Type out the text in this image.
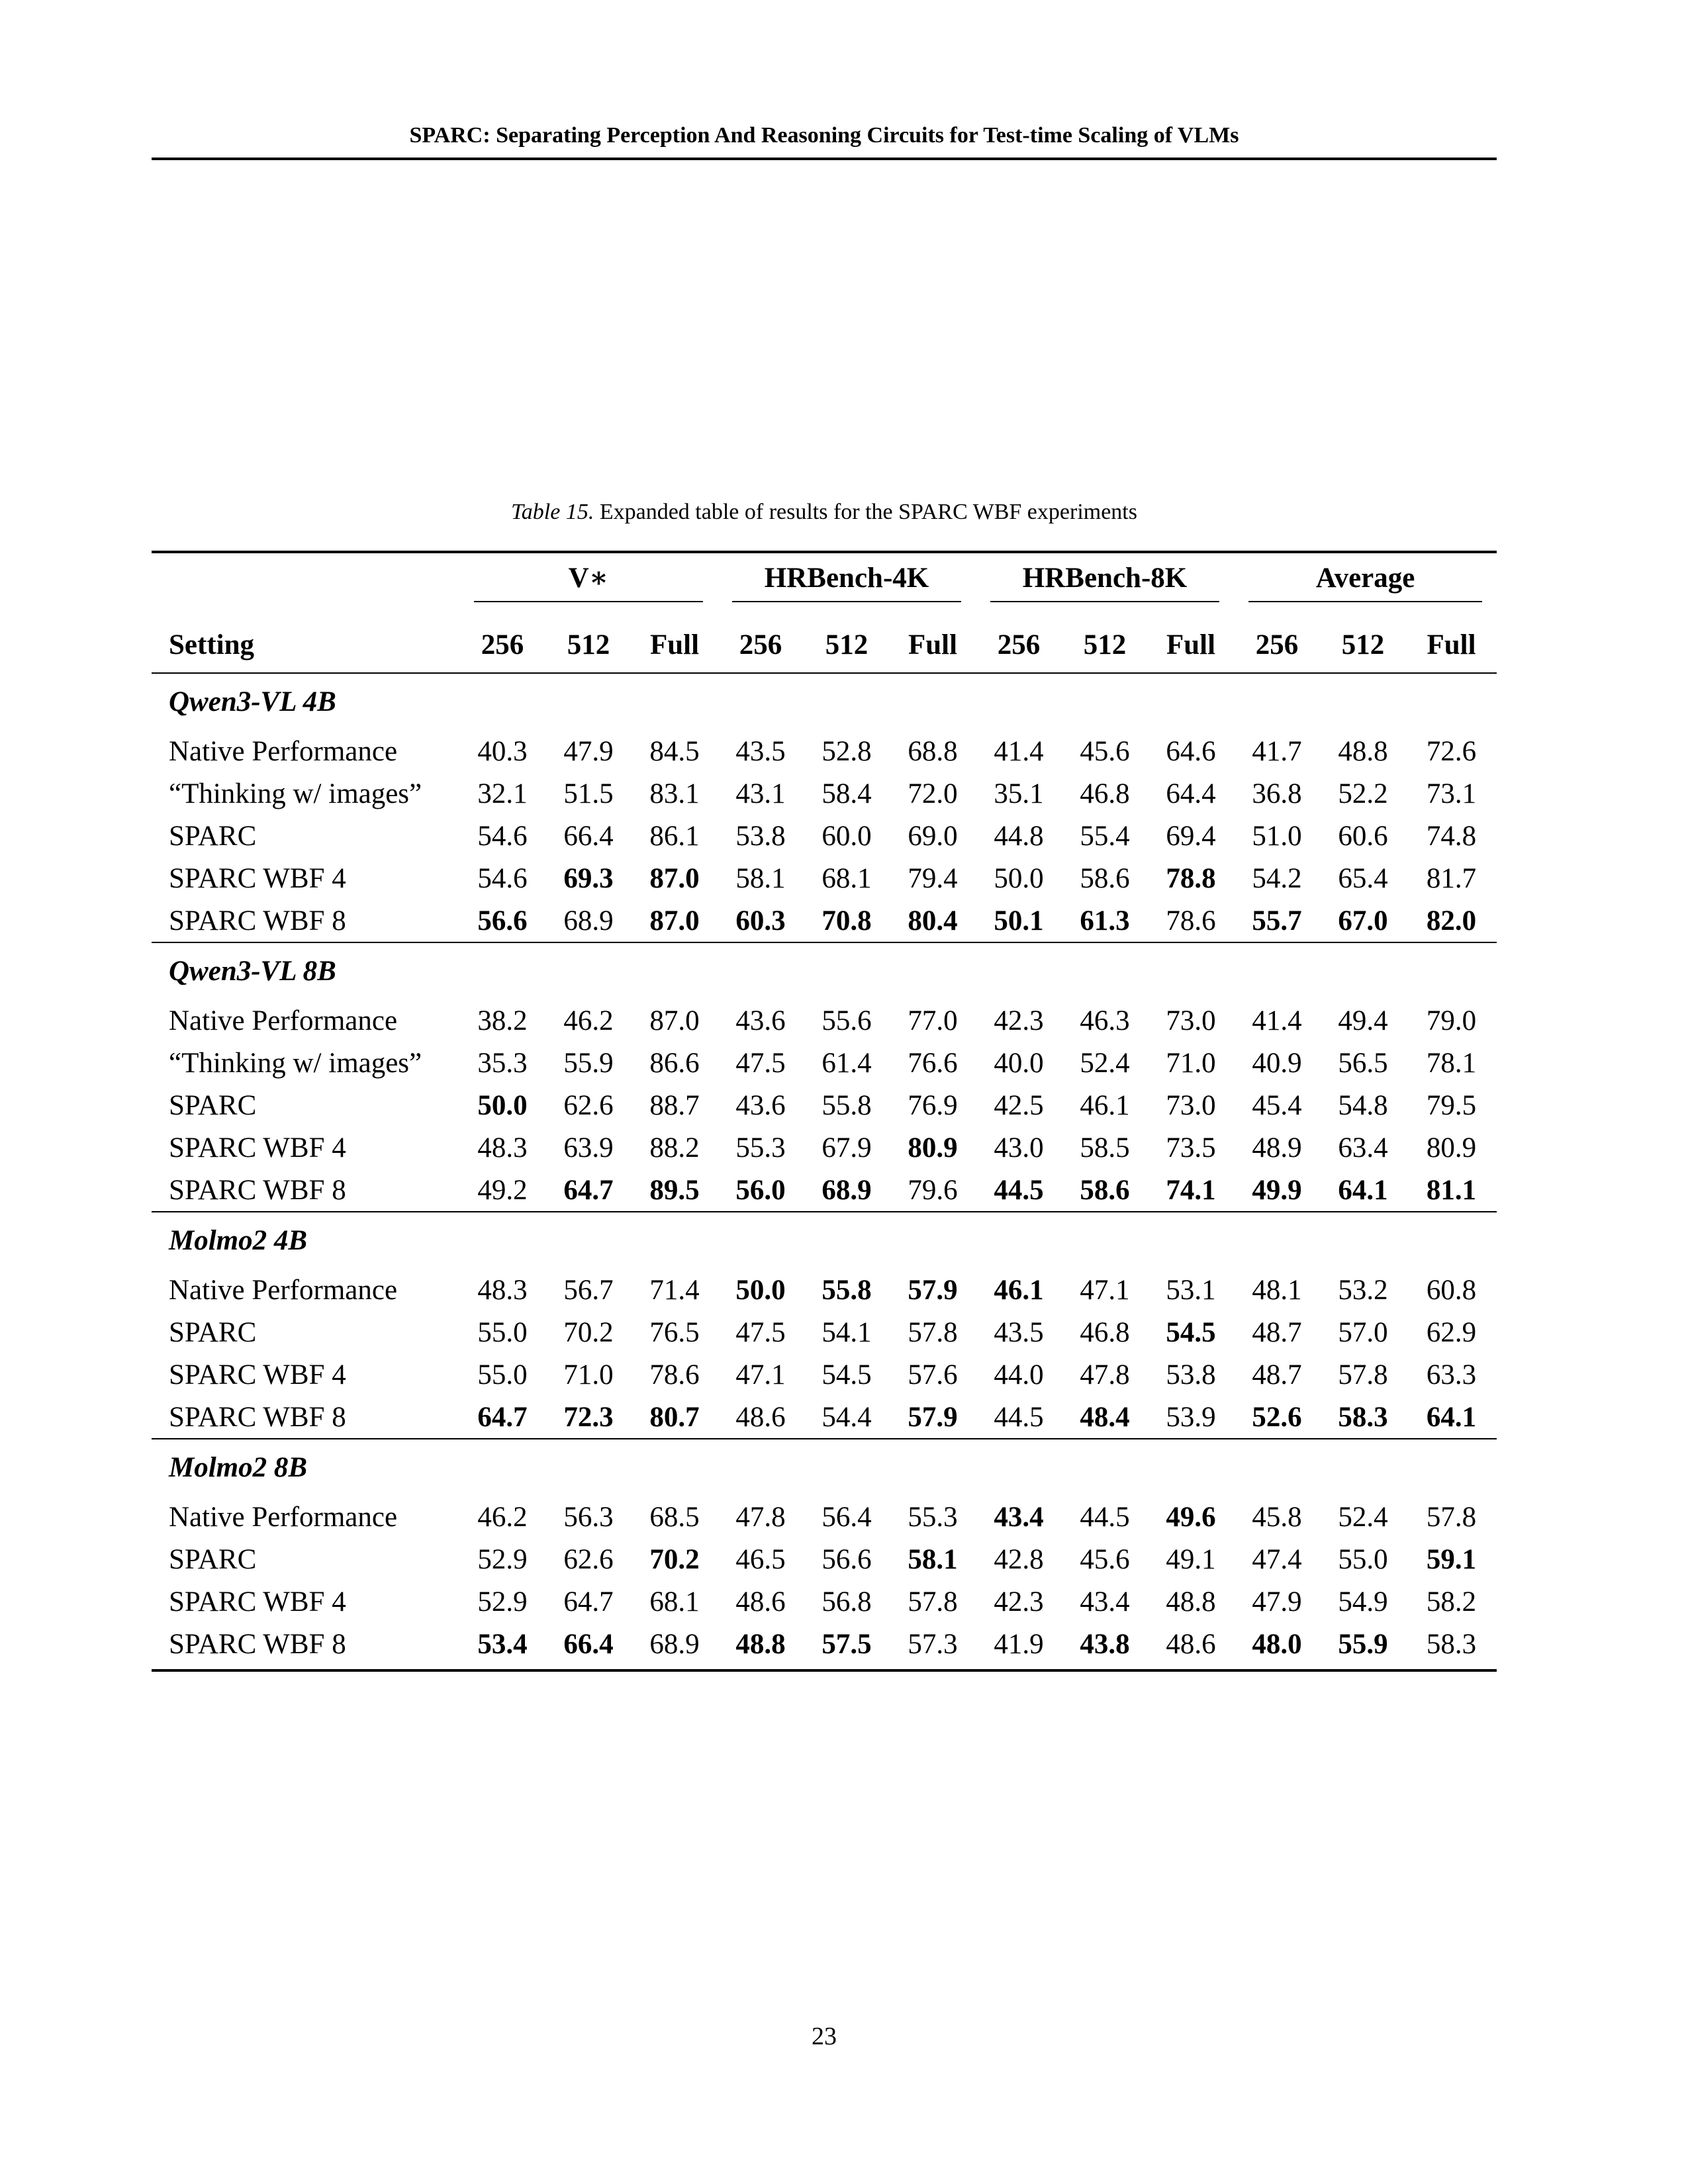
SPARC: Separating Perception And Reasoning Circuits for Test-time Scaling of VLMs
Table 15. Expanded table of results for the SPARC WBF experiments

	V∗			HRBench-4K			HRBench-8K			Average		

Setting	256	512	Full	256	512	Full	256	512	Full	256	512	Full
Qwen3-VL 4B												
Native Performance	40.3	47.9	84.5	43.5	52.8	68.8	41.4	45.6	64.6	41.7	48.8	72.6
“Thinking w/ images”	32.1	51.5	83.1	43.1	58.4	72.0	35.1	46.8	64.4	36.8	52.2	73.1
SPARC	54.6	66.4	86.1	53.8	60.0	69.0	44.8	55.4	69.4	51.0	60.6	74.8
SPARC WBF 4	54.6	69.3	87.0	58.1	68.1	79.4	50.0	58.6	78.8	54.2	65.4	81.7
SPARC WBF 8	56.6	68.9	87.0	60.3	70.8	80.4	50.1	61.3	78.6	55.7	67.0	82.0
Qwen3-VL 8B												
Native Performance	38.2	46.2	87.0	43.6	55.6	77.0	42.3	46.3	73.0	41.4	49.4	79.0
“Thinking w/ images”	35.3	55.9	86.6	47.5	61.4	76.6	40.0	52.4	71.0	40.9	56.5	78.1
SPARC	50.0	62.6	88.7	43.6	55.8	76.9	42.5	46.1	73.0	45.4	54.8	79.5
SPARC WBF 4	48.3	63.9	88.2	55.3	67.9	80.9	43.0	58.5	73.5	48.9	63.4	80.9
SPARC WBF 8	49.2	64.7	89.5	56.0	68.9	79.6	44.5	58.6	74.1	49.9	64.1	81.1
Molmo2 4B												
Native Performance	48.3	56.7	71.4	50.0	55.8	57.9	46.1	47.1	53.1	48.1	53.2	60.8
SPARC	55.0	70.2	76.5	47.5	54.1	57.8	43.5	46.8	54.5	48.7	57.0	62.9
SPARC WBF 4	55.0	71.0	78.6	47.1	54.5	57.6	44.0	47.8	53.8	48.7	57.8	63.3
SPARC WBF 8	64.7	72.3	80.7	48.6	54.4	57.9	44.5	48.4	53.9	52.6	58.3	64.1
Molmo2 8B												
Native Performance	46.2	56.3	68.5	47.8	56.4	55.3	43.4	44.5	49.6	45.8	52.4	57.8
SPARC	52.9	62.6	70.2	46.5	56.6	58.1	42.8	45.6	49.1	47.4	55.0	59.1
SPARC WBF 4	52.9	64.7	68.1	48.6	56.8	57.8	42.3	43.4	48.8	47.9	54.9	58.2
SPARC WBF 8	53.4	66.4	68.9	48.8	57.5	57.3	41.9	43.8	48.6	48.0	55.9	58.3
23
